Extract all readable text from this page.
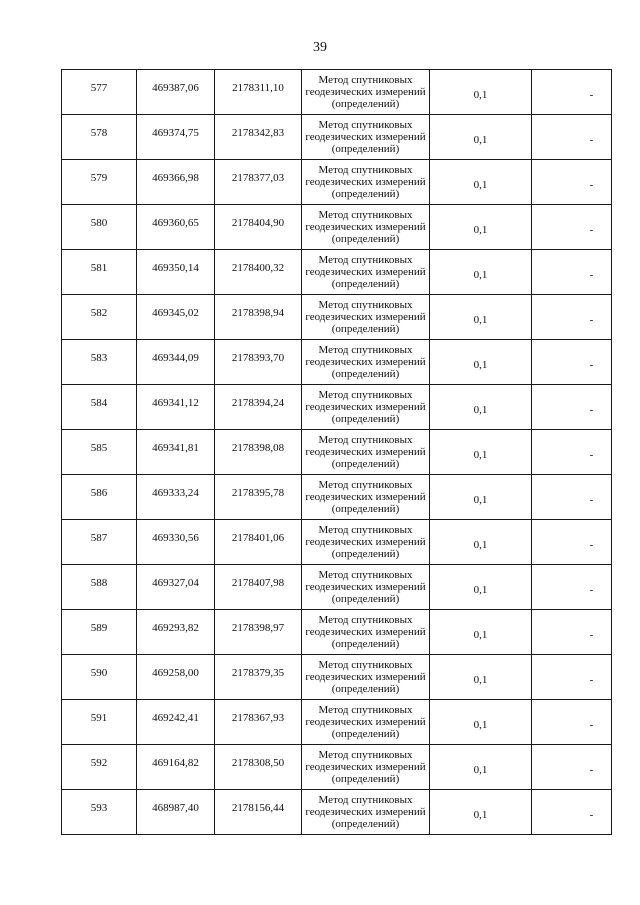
39
577	469387,06	2178311,10	Метод спутниковых геодезических измерений (определений)	0,1	-
578	469374,75	2178342,83	Метод спутниковых геодезических измерений (определений)	0,1	-
579	469366,98	2178377,03	Метод спутниковых геодезических измерений (определений)	0,1	-
580	469360,65	2178404,90	Метод спутниковых геодезических измерений (определений)	0,1	-
581	469350,14	2178400,32	Метод спутниковых геодезических измерений (определений)	0,1	-
582	469345,02	2178398,94	Метод спутниковых геодезических измерений (определений)	0,1	-
583	469344,09	2178393,70	Метод спутниковых геодезических измерений (определений)	0,1	-
584	469341,12	2178394,24	Метод спутниковых геодезических измерений (определений)	0,1	-
585	469341,81	2178398,08	Метод спутниковых геодезических измерений (определений)	0,1	-
586	469333,24	2178395,78	Метод спутниковых геодезических измерений (определений)	0,1	-
587	469330,56	2178401,06	Метод спутниковых геодезических измерений (определений)	0,1	-
588	469327,04	2178407,98	Метод спутниковых геодезических измерений (определений)	0,1	-
589	469293,82	2178398,97	Метод спутниковых геодезических измерений (определений)	0,1	-
590	469258,00	2178379,35	Метод спутниковых геодезических измерений (определений)	0,1	-
591	469242,41	2178367,93	Метод спутниковых геодезических измерений (определений)	0,1	-
592	469164,82	2178308,50	Метод спутниковых геодезических измерений (определений)	0,1	-
593	468987,40	2178156,44	Метод спутниковых геодезических измерений (определений)	0,1	-
